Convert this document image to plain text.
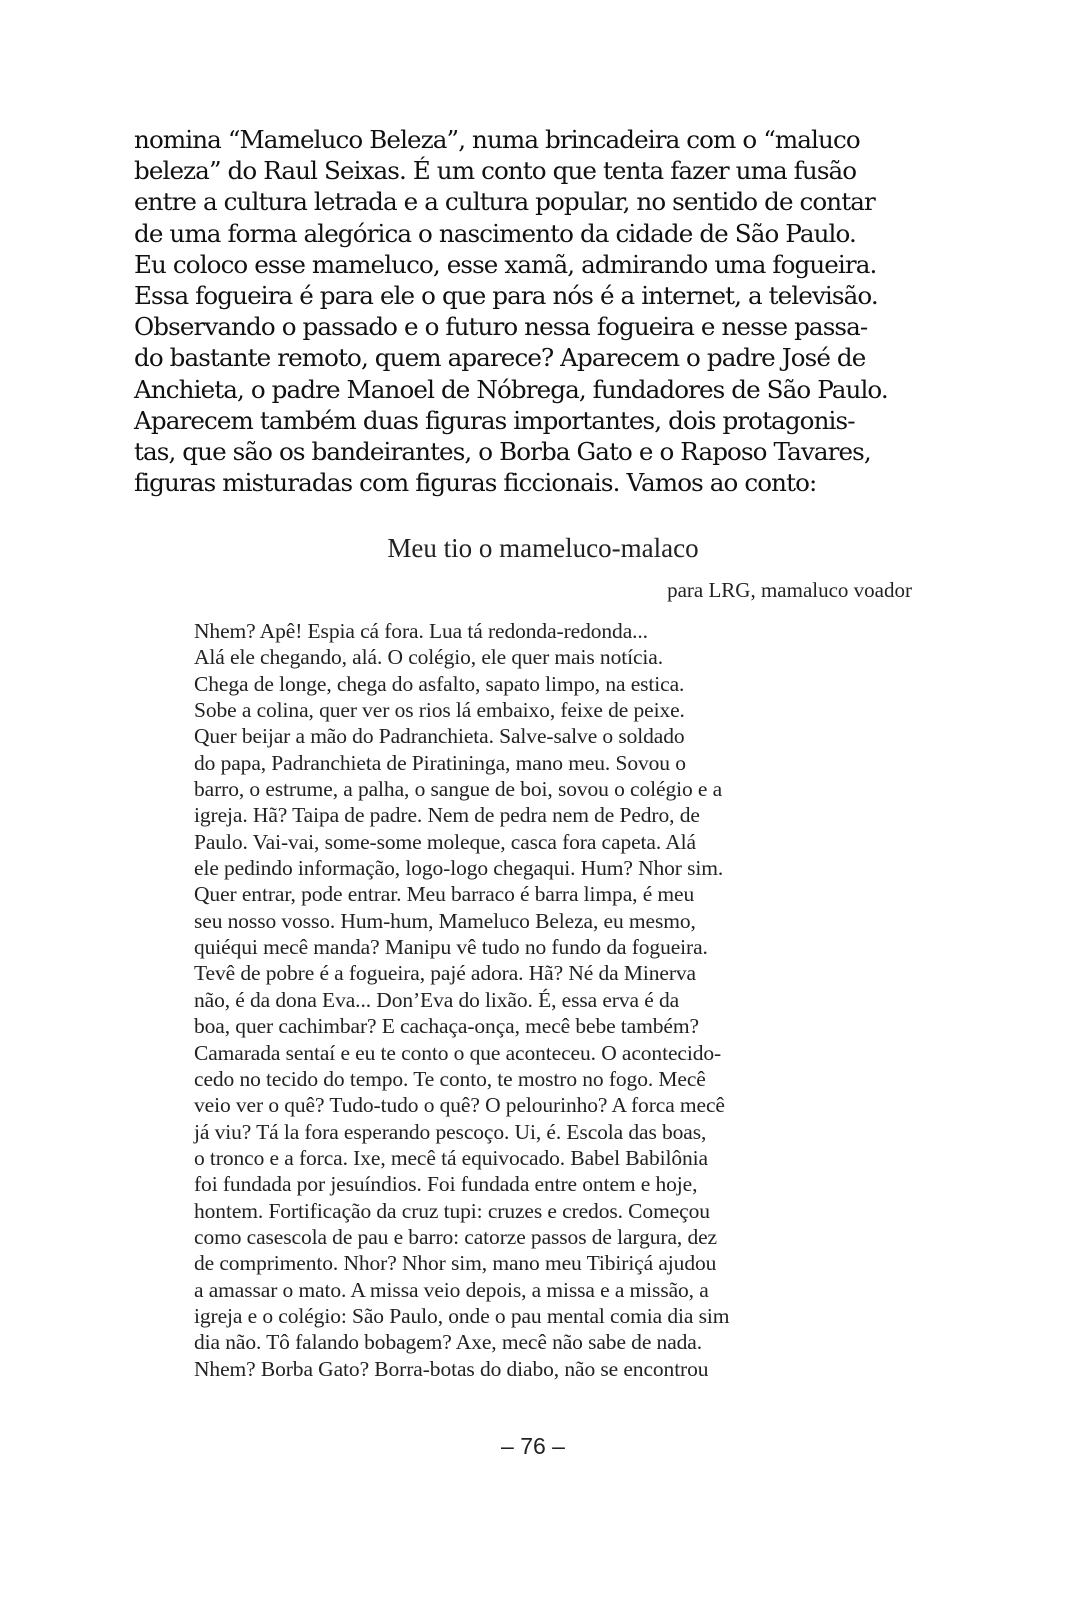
nomina “Mameluco Beleza”, numa brincadeira com o “maluco
beleza” do Raul Seixas. É um conto que tenta fazer uma fusão
entre a cultura letrada e a cultura popular, no sentido de contar
de uma forma alegórica o nascimento da cidade de São Paulo.
Eu coloco esse mameluco, esse xamã, admirando uma fogueira.
Essa fogueira é para ele o que para nós é a internet, a televisão.
Observando o passado e o futuro nessa fogueira e nesse passa-
do bastante remoto, quem aparece? Aparecem o padre José de
Anchieta, o padre Manoel de Nóbrega, fundadores de São Paulo.
Aparecem também duas figuras importantes, dois protagonis-
tas, que são os bandeirantes, o Borba Gato e o Raposo Tavares,
figuras misturadas com figuras ficcionais. Vamos ao conto:
Meu tio o mameluco-malaco
para LRG, mamaluco voador
Nhem? Apê! Espia cá fora. Lua tá redonda-redonda...
Alá ele chegando, alá. O colégio, ele quer mais notícia.
Chega de longe, chega do asfalto, sapato limpo, na estica.
Sobe a colina, quer ver os rios lá embaixo, feixe de peixe.
Quer beijar a mão do Padranchieta. Salve-salve o soldado
do papa, Padranchieta de Piratininga, mano meu. Sovou o
barro, o estrume, a palha, o sangue de boi, sovou o colégio e a
igreja. Hã? Taipa de padre. Nem de pedra nem de Pedro, de
Paulo. Vai-vai, some-some moleque, casca fora capeta. Alá
ele pedindo informação, logo-logo chegaqui. Hum? Nhor sim.
Quer entrar, pode entrar. Meu barraco é barra limpa, é meu
seu nosso vosso. Hum-hum, Mameluco Beleza, eu mesmo,
quiéqui mecê manda? Manipu vê tudo no fundo da fogueira.
Tevê de pobre é a fogueira, pajé adora. Hã? Né da Minerva
não, é da dona Eva... Don’Eva do lixão. É, essa erva é da
boa, quer cachimbar? E cachaça-onça, mecê bebe também?
Camarada sentaí e eu te conto o que aconteceu. O acontecido-
cedo no tecido do tempo. Te conto, te mostro no fogo. Mecê
veio ver o quê? Tudo-tudo o quê? O pelourinho? A forca mecê
já viu? Tá la fora esperando pescoço. Ui, é. Escola das boas,
o tronco e a forca. Ixe, mecê tá equivocado. Babel Babilônia
foi fundada por jesuíndios. Foi fundada entre ontem e hoje,
hontem. Fortificação da cruz tupi: cruzes e credos. Começou
como casescola de pau e barro: catorze passos de largura, dez
de comprimento. Nhor? Nhor sim, mano meu Tibiriçá ajudou
a amassar o mato. A missa veio depois, a missa e a missão, a
igreja e o colégio: São Paulo, onde o pau mental comia dia sim
dia não. Tô falando bobagem? Axe, mecê não sabe de nada.
Nhem? Borba Gato? Borra-botas do diabo, não se encontrou
– 76 –
